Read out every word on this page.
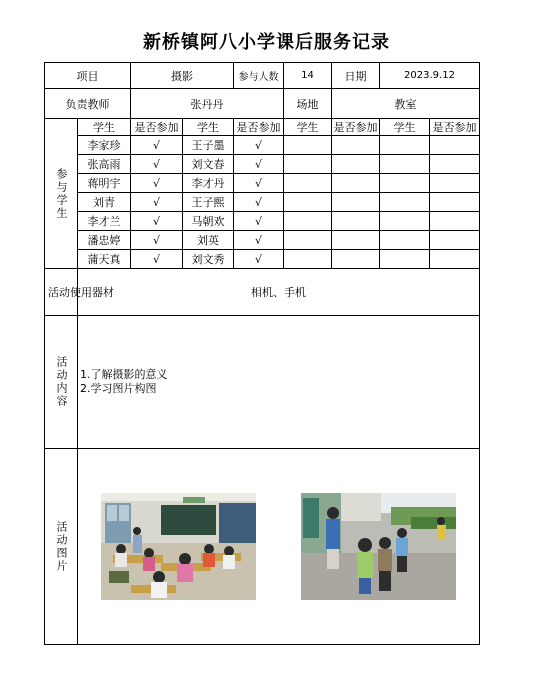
新桥镇阿八小学课后服务记录
项目		摄影		参与人数	14	日期	2023.9.12	
负责教师		张丹丹			场地	教室		

参与学生	学生	是否参加	学生	是否参加	学生	是否参加	学生	是否参加
	李家珍	√	王子墨	√				
	张高雨	√	刘文春	√				
	蒋明宇	√	李才丹	√				
	刘青	√	王子熙	√				
	李才兰	√	马朝欢	√				
	潘忠婷	√	刘英	√				
	蒲天真	√	刘文秀	√				

活动使用器材	相机、手机							

活动内容	1.了解摄影的意义
2.学习图片构图							

活动图片
